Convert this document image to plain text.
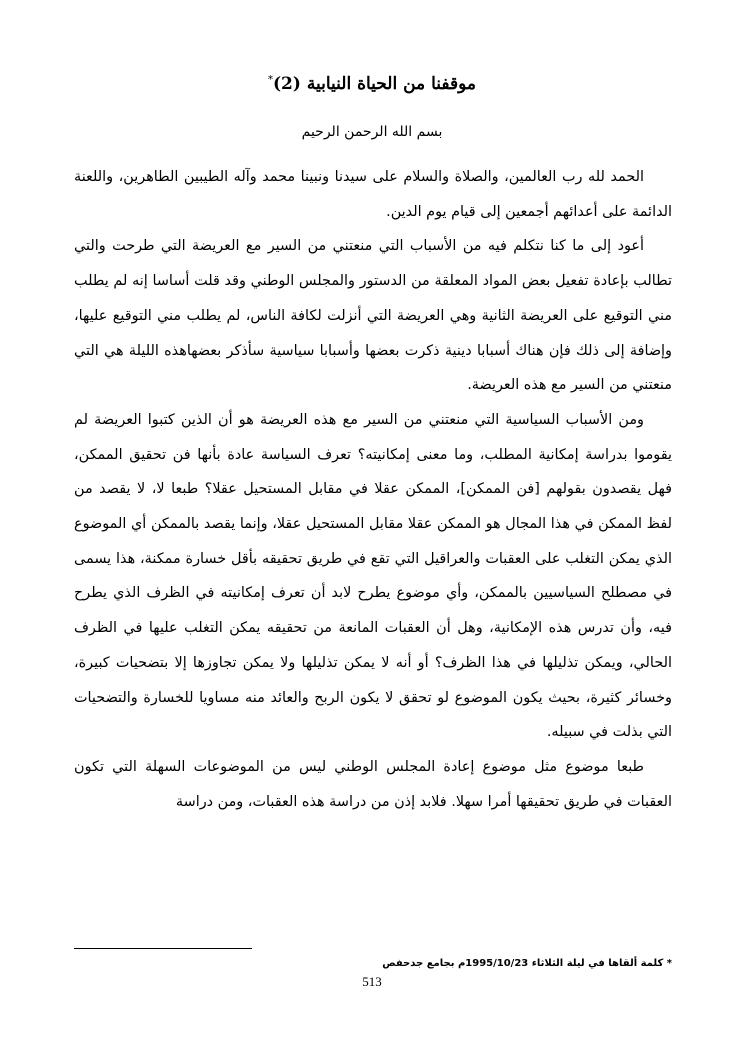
موقفنا من الحياة النيابية (2)*
بسم الله الرحمن الرحيم

الحمد لله رب العالمين، والصلاة والسلام على سيدنا ونبينا محمد وآله الطيبين الطاهرين، واللعنة الدائمة على أعدائهم أجمعين إلى قيام يوم الدين.

أعود إلى ما كنا نتكلم فيه من الأسباب التي منعتني من السير مع العريضة التي طرحت والتي تطالب بإعادة تفعيل بعض المواد المعلقة من الدستور والمجلس الوطني وقد قلت أساسا إنه لم يطلب مني التوقيع على العريضة الثانية وهي العريضة التي أنزلت لكافة الناس، لم يطلب مني التوقيع عليها، وإضافة إلى ذلك فإن هناك أسبابا دينية ذكرت بعضها وأسبابا سياسية سأذكر بعضهاهذه الليلة هي التي منعتني من السير مع هذه العريضة.

ومن الأسباب السياسية التي منعتني من السير مع هذه العريضة هو أن الذين كتبوا العريضة لم يقوموا بدراسة إمكانية المطلب، وما معنى إمكانيته؟ تعرف السياسة عادة بأنها فن تحقيق الممكن، فهل يقصدون بقولهم [فن الممكن]، الممكن عقلا في مقابل المستحيل عقلا؟ طبعا لا، لا يقصد من لفظ الممكن في هذا المجال هو الممكن عقلا مقابل المستحيل عقلا، وإنما يقصد بالممكن أي الموضوع الذي يمكن التغلب على العقبات والعراقيل التي تقع في طريق تحقيقه بأقل خسارة ممكنة، هذا يسمى في مصطلح السياسيين بالممكن، وأي موضوع يطرح لابد أن تعرف إمكانيته في الظرف الذي يطرح فيه، وأن تدرس هذه الإمكانية، وهل أن العقبات المانعة من تحقيقه يمكن التغلب عليها في الظرف الحالي، ويمكن تذليلها في هذا الظرف؟ أو أنه لا يمكن تذليلها ولا يمكن تجاوزها إلا بتضحيات كبيرة، وخسائر كثيرة، بحيث يكون الموضوع لو تحقق لا يكون الربح والعائد منه مساويا للخسارة والتضحيات التي بذلت في سبيله.

طبعا موضوع مثل موضوع إعادة المجلس الوطني ليس من الموضوعات السهلة التي تكون العقبات في طريق تحقيقها أمرا سهلا. فلابد إذن من دراسة هذه العقبات، ومن دراسة

* كلمة ألقاها في ليلة الثلاثاء 1995/10/23م بجامع جدحفص
513
